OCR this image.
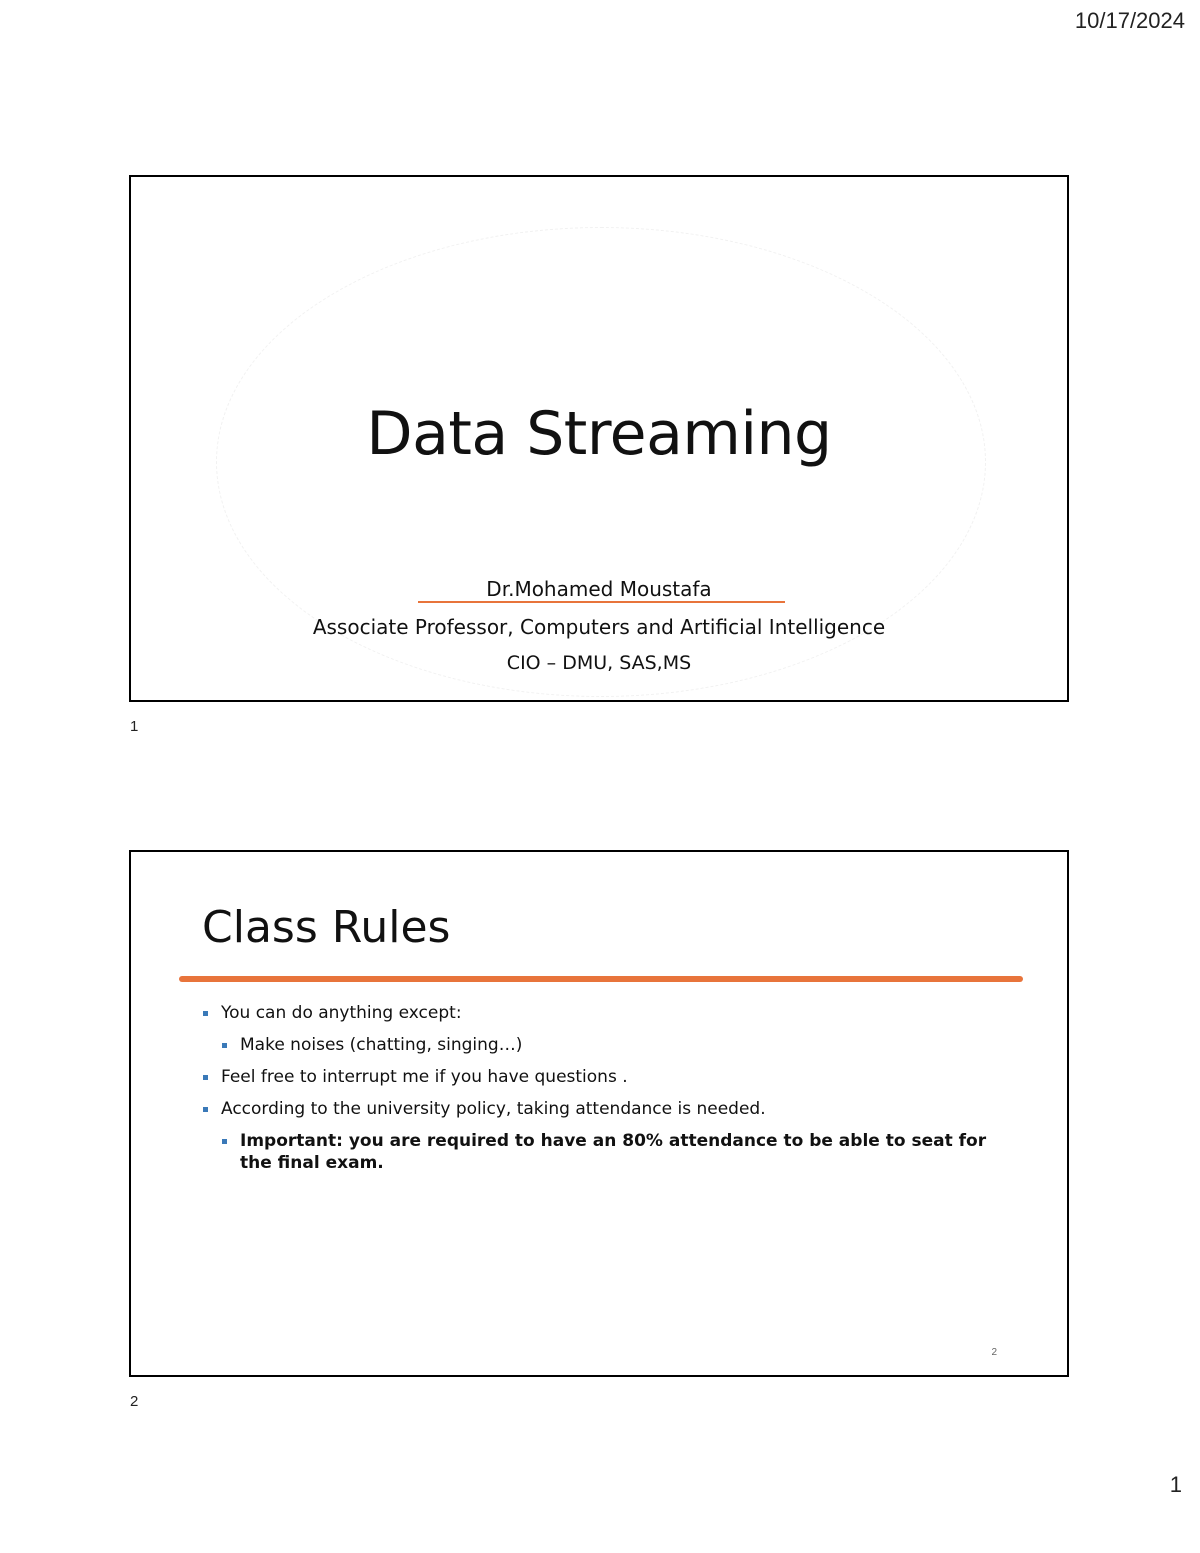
10/17/2024
Data Streaming
Dr.Mohamed Moustafa
Associate Professor, Computers and Artificial Intelligence
CIO – DMU, SAS,MS
1
Class Rules
You can do anything except:
Make noises (chatting, singing…)
Feel free to interrupt me if you have questions .
According to the university policy, taking attendance is needed.
Important: you are required to have an 80% attendance to be able to seat for the final exam.
2
2
1
